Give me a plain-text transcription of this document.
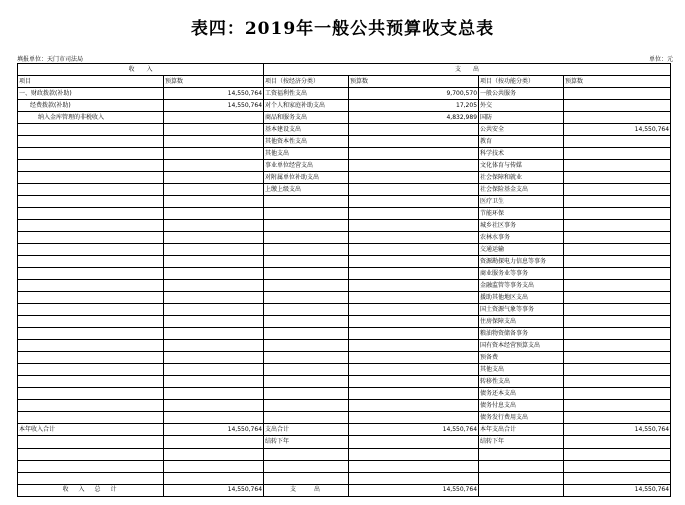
表四：2019年一般公共预算收支总表
填报单位：天门市司法局	单位：元
收　　入		支　　出			
项目	预算数	项目（按经济分类）	预算数	项目（按功能分类）	预算数
一、财政拨款(补助)	14,550,764	工资福利性支出	9,700,570	一般公共服务	
经费拨款(补助)	14,550,764	对个人和家庭补助支出	17,205	外交	
纳入金库管理的非税收入		商品和服务支出	4,832,989	国防	
		基本建设支出		公共安全	14,550,764
		其他资本性支出		教育	
		其他支出		科学技术	
		事业单位经营支出		文化体育与传媒	
		对附属单位补助支出		社会保障和就业	
		上缴上级支出		社会保险基金支出	
				医疗卫生	
				节能环保	
				城乡社区事务	
				农林水事务	
				交通运输	
				资源勘探电力信息等事务	
				商业服务业等事务	
				金融监管等事务支出	
				援助其他地区支出	
				国土资源气象等事务	
				住房保障支出	
				粮油物资储备事务	
				国有资本经营预算支出	
				预备费	
				其他支出	
				转移性支出	
				债务还本支出	
				债务付息支出	
				债务发行费用支出	
本年收入合计	14,550,764	支出合计	14,550,764	本年支出合计	14,550,764
		结转下年		结转下年	

收　入　总　计	14,550,764	支　　出	14,550,764		14,550,764
